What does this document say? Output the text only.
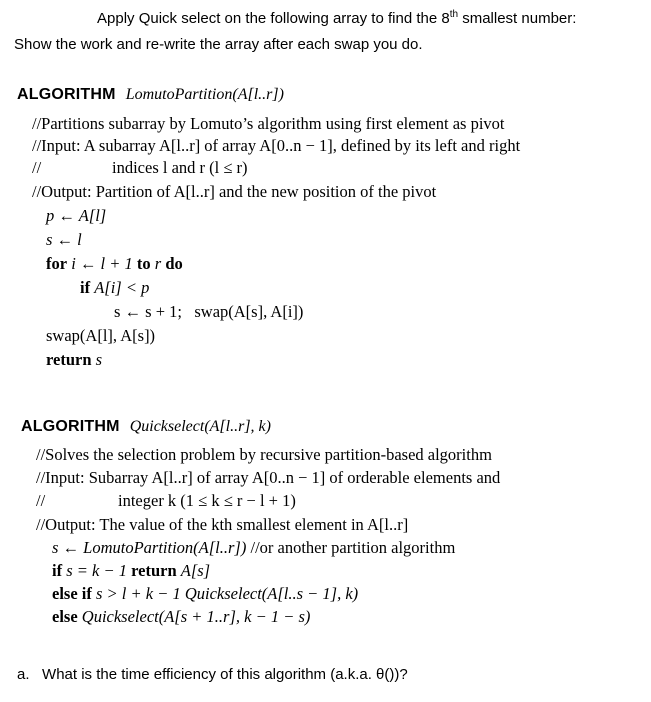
Apply Quick select on the following array to find the 8th smallest number:
Show the work and re-write the array after each swap you do.
ALGORITHM LomutoPartition(A[l..r])
//Partitions subarray by Lomuto’s algorithm using first element as pivot
//Input: A subarray A[l..r] of array A[0..n − 1], defined by its left and right
//	indices l and r (l ≤ r)
//Output: Partition of A[l..r] and the new position of the pivot
p ← A[l]
s ← l
for i ← l + 1 to r do
if A[i] < p
s ← s + 1;   swap(A[s], A[i])
swap(A[l], A[s])
return s
ALGORITHM Quickselect(A[l..r], k)
//Solves the selection problem by recursive partition-based algorithm
//Input: Subarray A[l..r] of array A[0..n − 1] of orderable elements and
//	integer k (1 ≤ k ≤ r − l + 1)
//Output: The value of the kth smallest element in A[l..r]
s ← LomutoPartition(A[l..r]) //or another partition algorithm
if s = k − 1 return A[s]
else if s > l + k − 1 Quickselect(A[l..s − 1], k)
else Quickselect(A[s + 1..r], k − 1 − s)
a. What is the time efficiency of this algorithm (a.k.a. θ())?
